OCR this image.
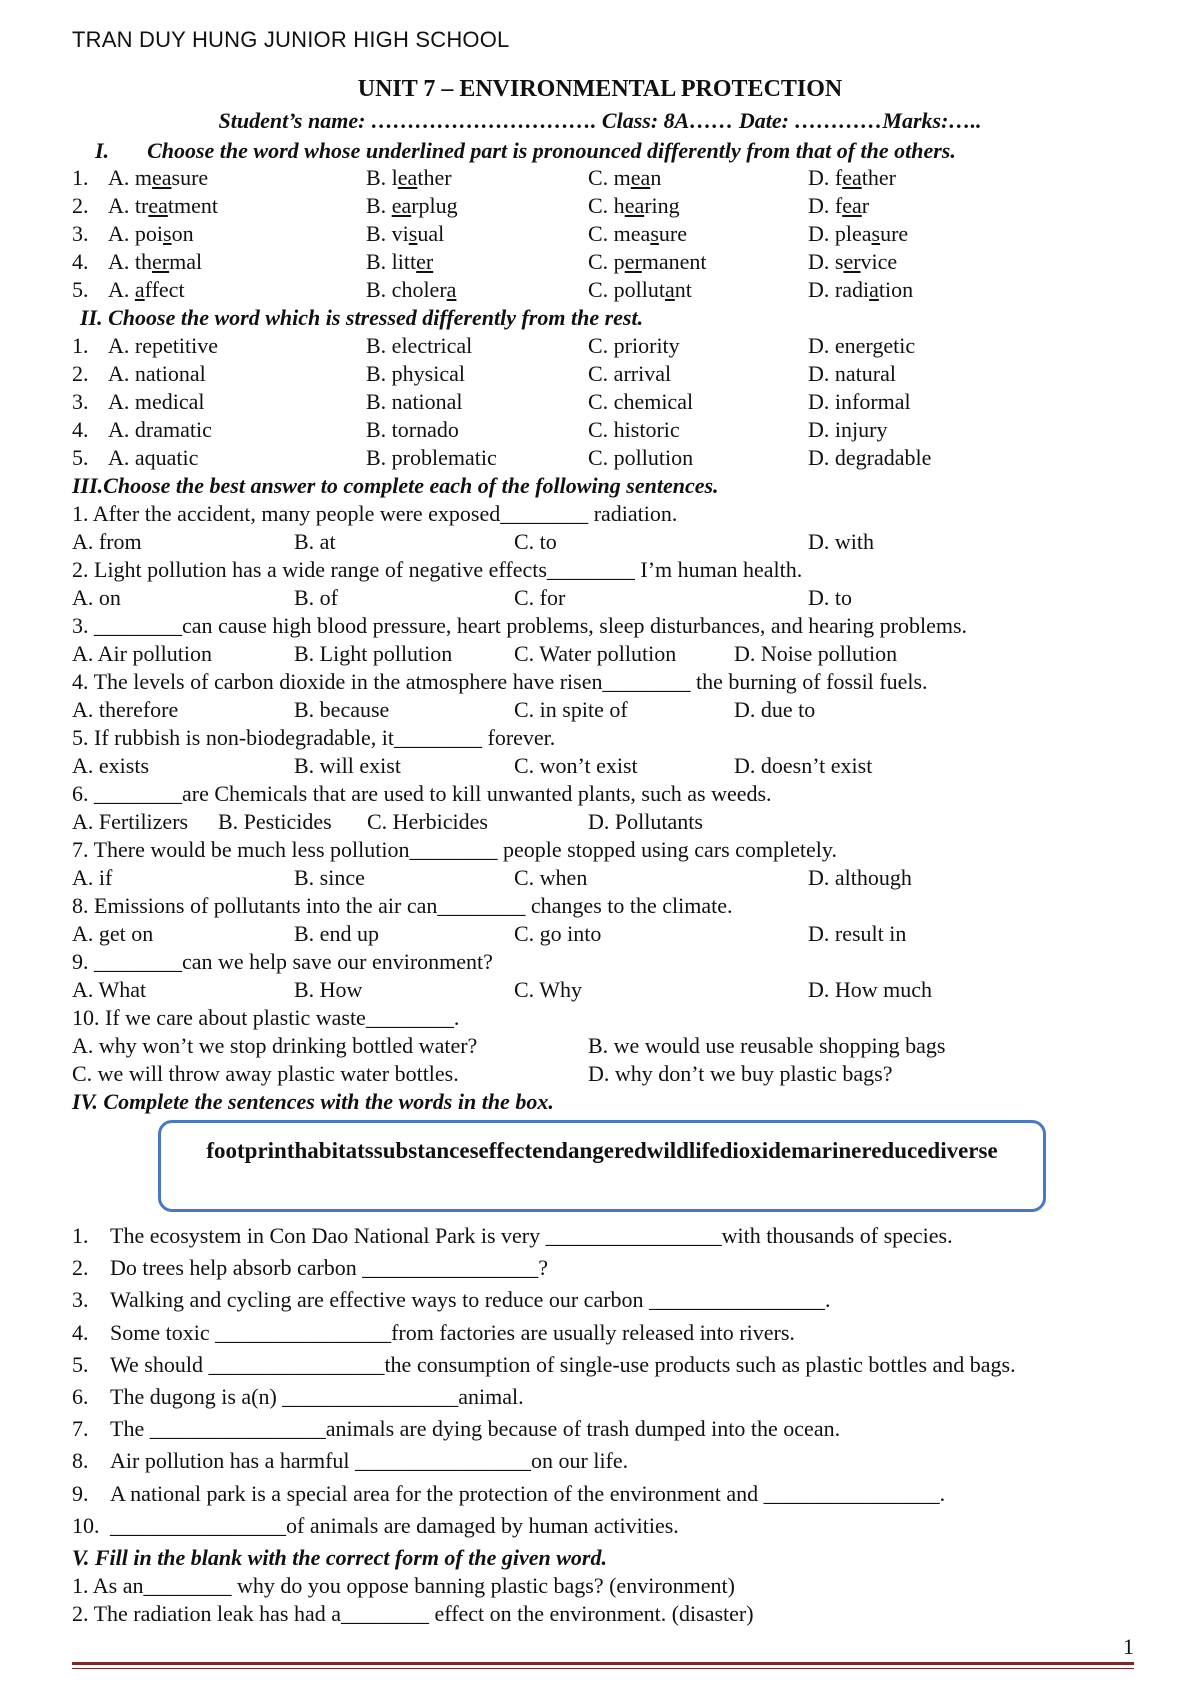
TRAN DUY HUNG JUNIOR HIGH SCHOOL
UNIT 7 – ENVIRONMENTAL PROTECTION
Student’s name: …………………………. Class: 8A…… Date: …………Marks:…..
I. Choose the word whose underlined part is pronounced differently from that of the others.
1. A. measure	B. leather	C. mean	D. feather
2. A. treatment	B. earplug	C. hearing	D. fear
3. A. poison	B. visual	C. measure	D. pleasure
4. A. thermal	B. litter	C. permanent	D. service
5. A. affect	B. cholera	C. pollutant	D. radiation
II. Choose the word which is stressed differently from the rest.
1. A. repetitive	B. electrical	C. priority	D. energetic
2. A. national	B. physical	C. arrival	D. natural
3. A. medical	B. national	C. chemical	D. informal
4. A. dramatic	B. tornado	C. historic	D. injury
5. A. aquatic	B. problematic	C. pollution	D. degradable
III.Choose the best answer to complete each of the following sentences.
1. After the accident, many people were exposed________ radiation.
A. from	B. at	C. to	D. with
2. Light pollution has a wide range of negative effects________ I’m human health.
A. on	B. of	C. for	D. to
3. ________can cause high blood pressure, heart problems, sleep disturbances, and hearing problems.
A. Air pollution	B. Light pollution	C. Water pollution	D. Noise pollution
4. The levels of carbon dioxide in the atmosphere have risen________ the burning of fossil fuels.
A. therefore	B. because	C. in spite of	D. due to
5. If rubbish is non-biodegradable, it________ forever.
A. exists	B. will exist	C. won’t exist	D. doesn’t exist
6. ________are Chemicals that are used to kill unwanted plants, such as weeds.
A. Fertilizers B. Pesticides C. Herbicides	D. Pollutants
7. There would be much less pollution________ people stopped using cars completely.
A. if	B. since	C. when	D. although
8. Emissions of pollutants into the air can________ changes to the climate.
A. get on	B. end up	C. go into	D. result in
9. ________can we help save our environment?
A. What	B. How	C. Why	D. How much
10. If we care about plastic waste________.
A. why won’t we stop drinking bottled water?	B. we would use reusable shopping bags
C. we will throw away plastic water bottles.	D. why don’t we buy plastic bags?
IV. Complete the sentences with the words in the box.
1. The ecosystem in Con Dao National Park is very ________________with thousands of species.
2. Do trees help absorb carbon ________________?
3. Walking and cycling are effective ways to reduce our carbon ________________.
4. Some toxic ________________from factories are usually released into rivers.
5. We should ________________the consumption of single-use products such as plastic bottles and bags.
6. The dugong is a(n) ________________animal.
7. The ________________animals are dying because of trash dumped into the ocean.
8. Air pollution has a harmful ________________on our life.
9. A national park is a special area for the protection of the environment and ________________.
10. ________________of animals are damaged by human activities.
V. Fill in the blank with the correct form of the given word.
1. As an________ why do you oppose banning plastic bags? (environment)
2. The radiation leak has had a________ effect on the environment. (disaster)
footprinthabitatssubstanceseffectendangeredwildlifedioxidemarinereducediverse
1
